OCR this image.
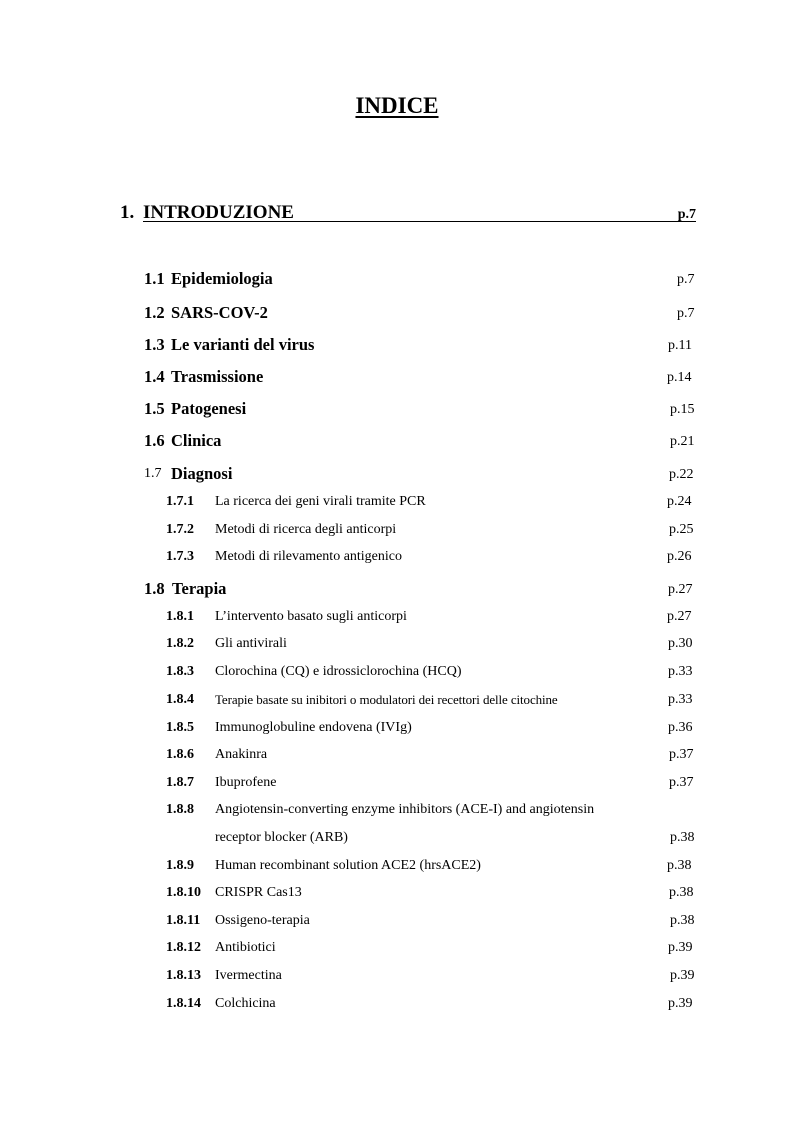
INDICE
1. INTRODUZIONE	p.7
1.1 Epidemiologia	p.7
1.2 SARS-COV-2	p.7
1.3 Le varianti del virus	p.11
1.4 Trasmissione	p.14
1.5 Patogenesi	p.15
1.6 Clinica	p.21
1.7 Diagnosi	p.22
1.7.1 La ricerca dei geni virali tramite PCR	p.24
1.7.2 Metodi di ricerca degli anticorpi	p.25
1.7.3 Metodi di rilevamento antigenico	p.26
1.8 Terapia	p.27
1.8.1 L’intervento basato sugli anticorpi	p.27
1.8.2 Gli antivirali	p.30
1.8.3 Clorochina (CQ) e idrossiclorochina (HCQ)	p.33
1.8.4 Terapie basate su inibitori o modulatori dei recettori delle citochine	p.33
1.8.5 Immunoglobuline endovena (IVIg)	p.36
1.8.6 Anakinra	p.37
1.8.7 Ibuprofene	p.37
1.8.8 Angiotensin-converting enzyme inhibitors (ACE-I) and angiotensin
receptor blocker (ARB)	p.38
1.8.9 Human recombinant solution ACE2 (hrsACE2)	p.38
1.8.10 CRISPR Cas13	p.38
1.8.11 Ossigeno-terapia	p.38
1.8.12 Antibiotici	p.39
1.8.13 Ivermectina	p.39
1.8.14 Colchicina	p.39
